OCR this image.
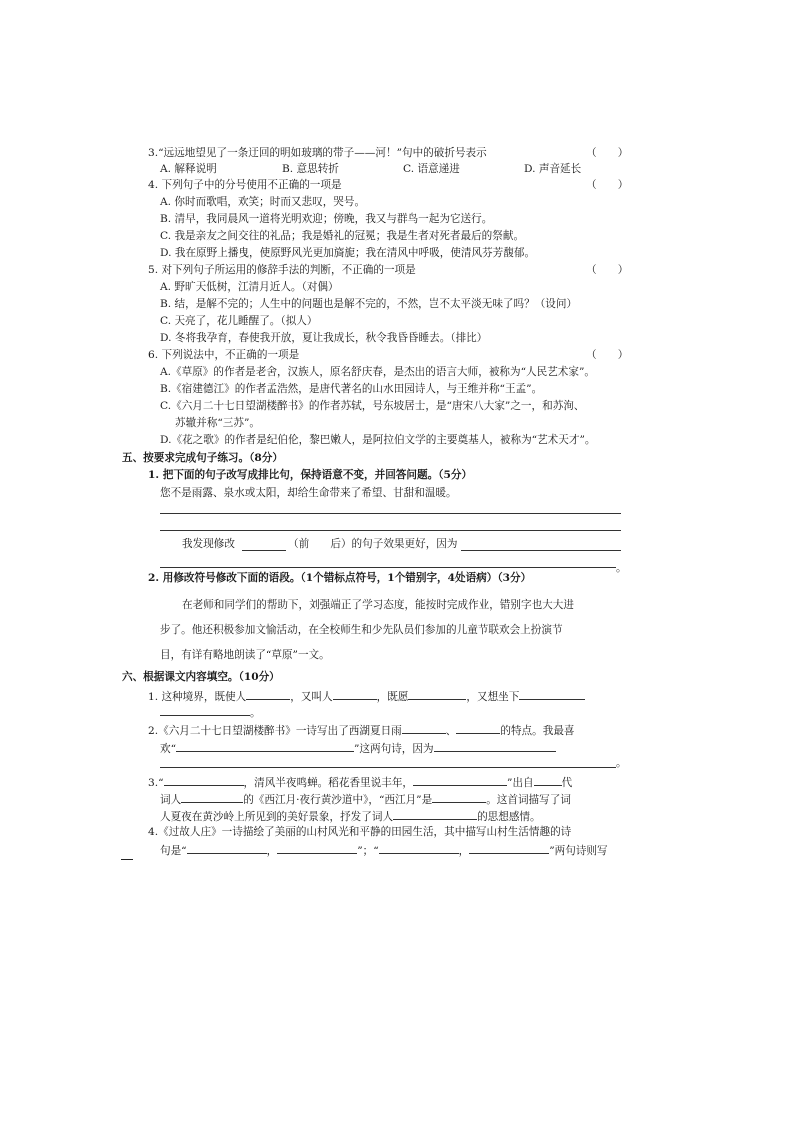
3.“远远地望见了一条迂回的明如玻璃的带子——河！”句中的破折号表示	（　　）
A. 解释说明	B. 意思转折	C. 语意递进	D. 声音延长
4. 下列句子中的分号使用不正确的一项是	（　　）
A. 你时而歌唱，欢笑；时而又悲叹，哭号。
B. 清早，我同晨风一道将光明欢迎；傍晚，我又与群鸟一起为它送行。
C. 我是亲友之间交往的礼品；我是婚礼的冠冕；我是生者对死者最后的祭献。
D. 我在原野上播曳，使原野风光更加旖旎；我在清风中呼吸，使清风芬芳馥郁。
5. 对下列句子所运用的修辞手法的判断，不正确的一项是	（　　）
A. 野旷天低树，江清月近人。（对偶）
B. 结，是解不完的；人生中的问题也是解不完的，不然，岂不太平淡无味了吗？（设问）
C. 天亮了，花儿睡醒了。（拟人）
D. 冬将我孕育，春使我开放，夏让我成长，秋令我昏昏睡去。（排比）
6. 下列说法中，不正确的一项是	（　　）
A.《草原》的作者是老舍，汉族人，原名舒庆春，是杰出的语言大师，被称为“人民艺术家”。
B.《宿建德江》的作者孟浩然，是唐代著名的山水田园诗人，与王维并称“王孟”。
C.《六月二十七日望湖楼醉书》的作者苏轼，号东坡居士，是“唐宋八大家”之一，和苏洵、
苏辙并称“三苏”。
D.《花之歌》的作者是纪伯伦，黎巴嫩人，是阿拉伯文学的主要奠基人，被称为“艺术天才”。
五、按要求完成句子练习。（8分）
1. 把下面的句子改写成排比句，保持语意不变，并回答问题。（5分）
您不是雨露、泉水或太阳，却给生命带来了希望、甘甜和温暖。
我发现修改	（前　　后）的句子效果更好，因为
。
2. 用修改符号修改下面的语段。（1个错标点符号，1个错别字，4处语病）（3分）
在老师和同学们的帮助下，刘强端正了学习态度，能按时完成作业，错别字也大大进
步了。他还积极参加文愉活动，在全校师生和少先队员们参加的儿童节联欢会上扮演节
目，有详有略地朗读了“草原”一文。
六、根据课文内容填空。（10分）
1. 这种境界，既使人	，又叫人	，既愿	，又想坐下
。
2.《六月二十七日望湖楼醉书》一诗写出了西湖夏日雨	、	的特点。我最喜
欢“	”这两句诗，因为
。
3.“	，清风半夜鸣蝉。稻花香里说丰年，	”出自	代
词人	的《西江月·夜行黄沙道中》，“西江月”是	。这首词描写了词
人夏夜在黄沙岭上所见到的美好景象，抒发了词人	的思想感情。
4.《过故人庄》一诗描绘了美丽的山村风光和平静的田园生活，其中描写山村生活情趣的诗
句是“	，	”；“	，	”两句诗则写
